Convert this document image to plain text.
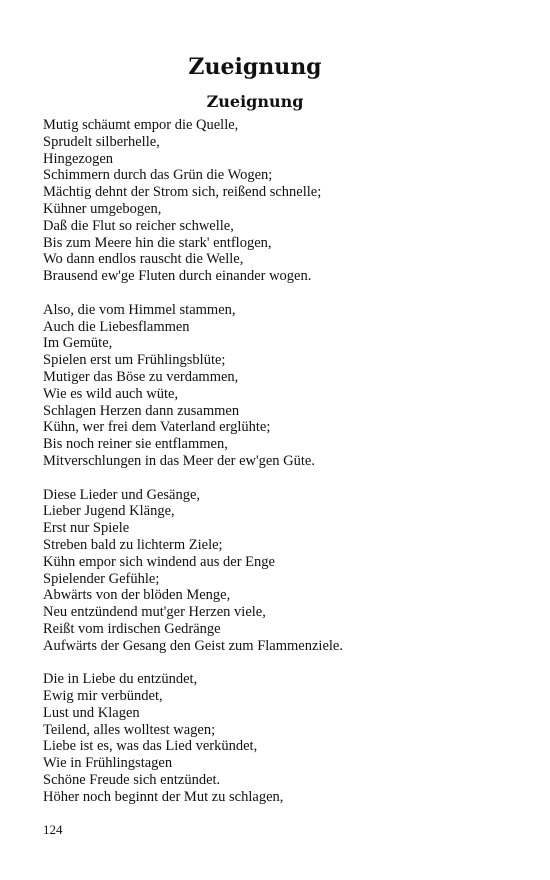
Zueignung
Zueignung
Mutig schäumt empor die Quelle,
Sprudelt silberhelle,
Hingezogen
Schimmern durch das Grün die Wogen;
Mächtig dehnt der Strom sich, reißend schnelle;
Kühner umgebogen,
Daß die Flut so reicher schwelle,
Bis zum Meere hin die stark' entflogen,
Wo dann endlos rauscht die Welle,
Brausend ew'ge Fluten durch einander wogen.
Also, die vom Himmel stammen,
Auch die Liebesflammen
Im Gemüte,
Spielen erst um Frühlingsblüte;
Mutiger das Böse zu verdammen,
Wie es wild auch wüte,
Schlagen Herzen dann zusammen
Kühn, wer frei dem Vaterland erglühte;
Bis noch reiner sie entflammen,
Mitverschlungen in das Meer der ew'gen Güte.
Diese Lieder und Gesänge,
Lieber Jugend Klänge,
Erst nur Spiele
Streben bald zu lichterm Ziele;
Kühn empor sich windend aus der Enge
Spielender Gefühle;
Abwärts von der blöden Menge,
Neu entzündend mut'ger Herzen viele,
Reißt vom irdischen Gedränge
Aufwärts der Gesang den Geist zum Flammenziele.
Die in Liebe du entzündet,
Ewig mir verbündet,
Lust und Klagen
Teilend, alles wolltest wagen;
Liebe ist es, was das Lied verkündet,
Wie in Frühlingstagen
Schöne Freude sich entzündet.
Höher noch beginnt der Mut zu schlagen,
124
